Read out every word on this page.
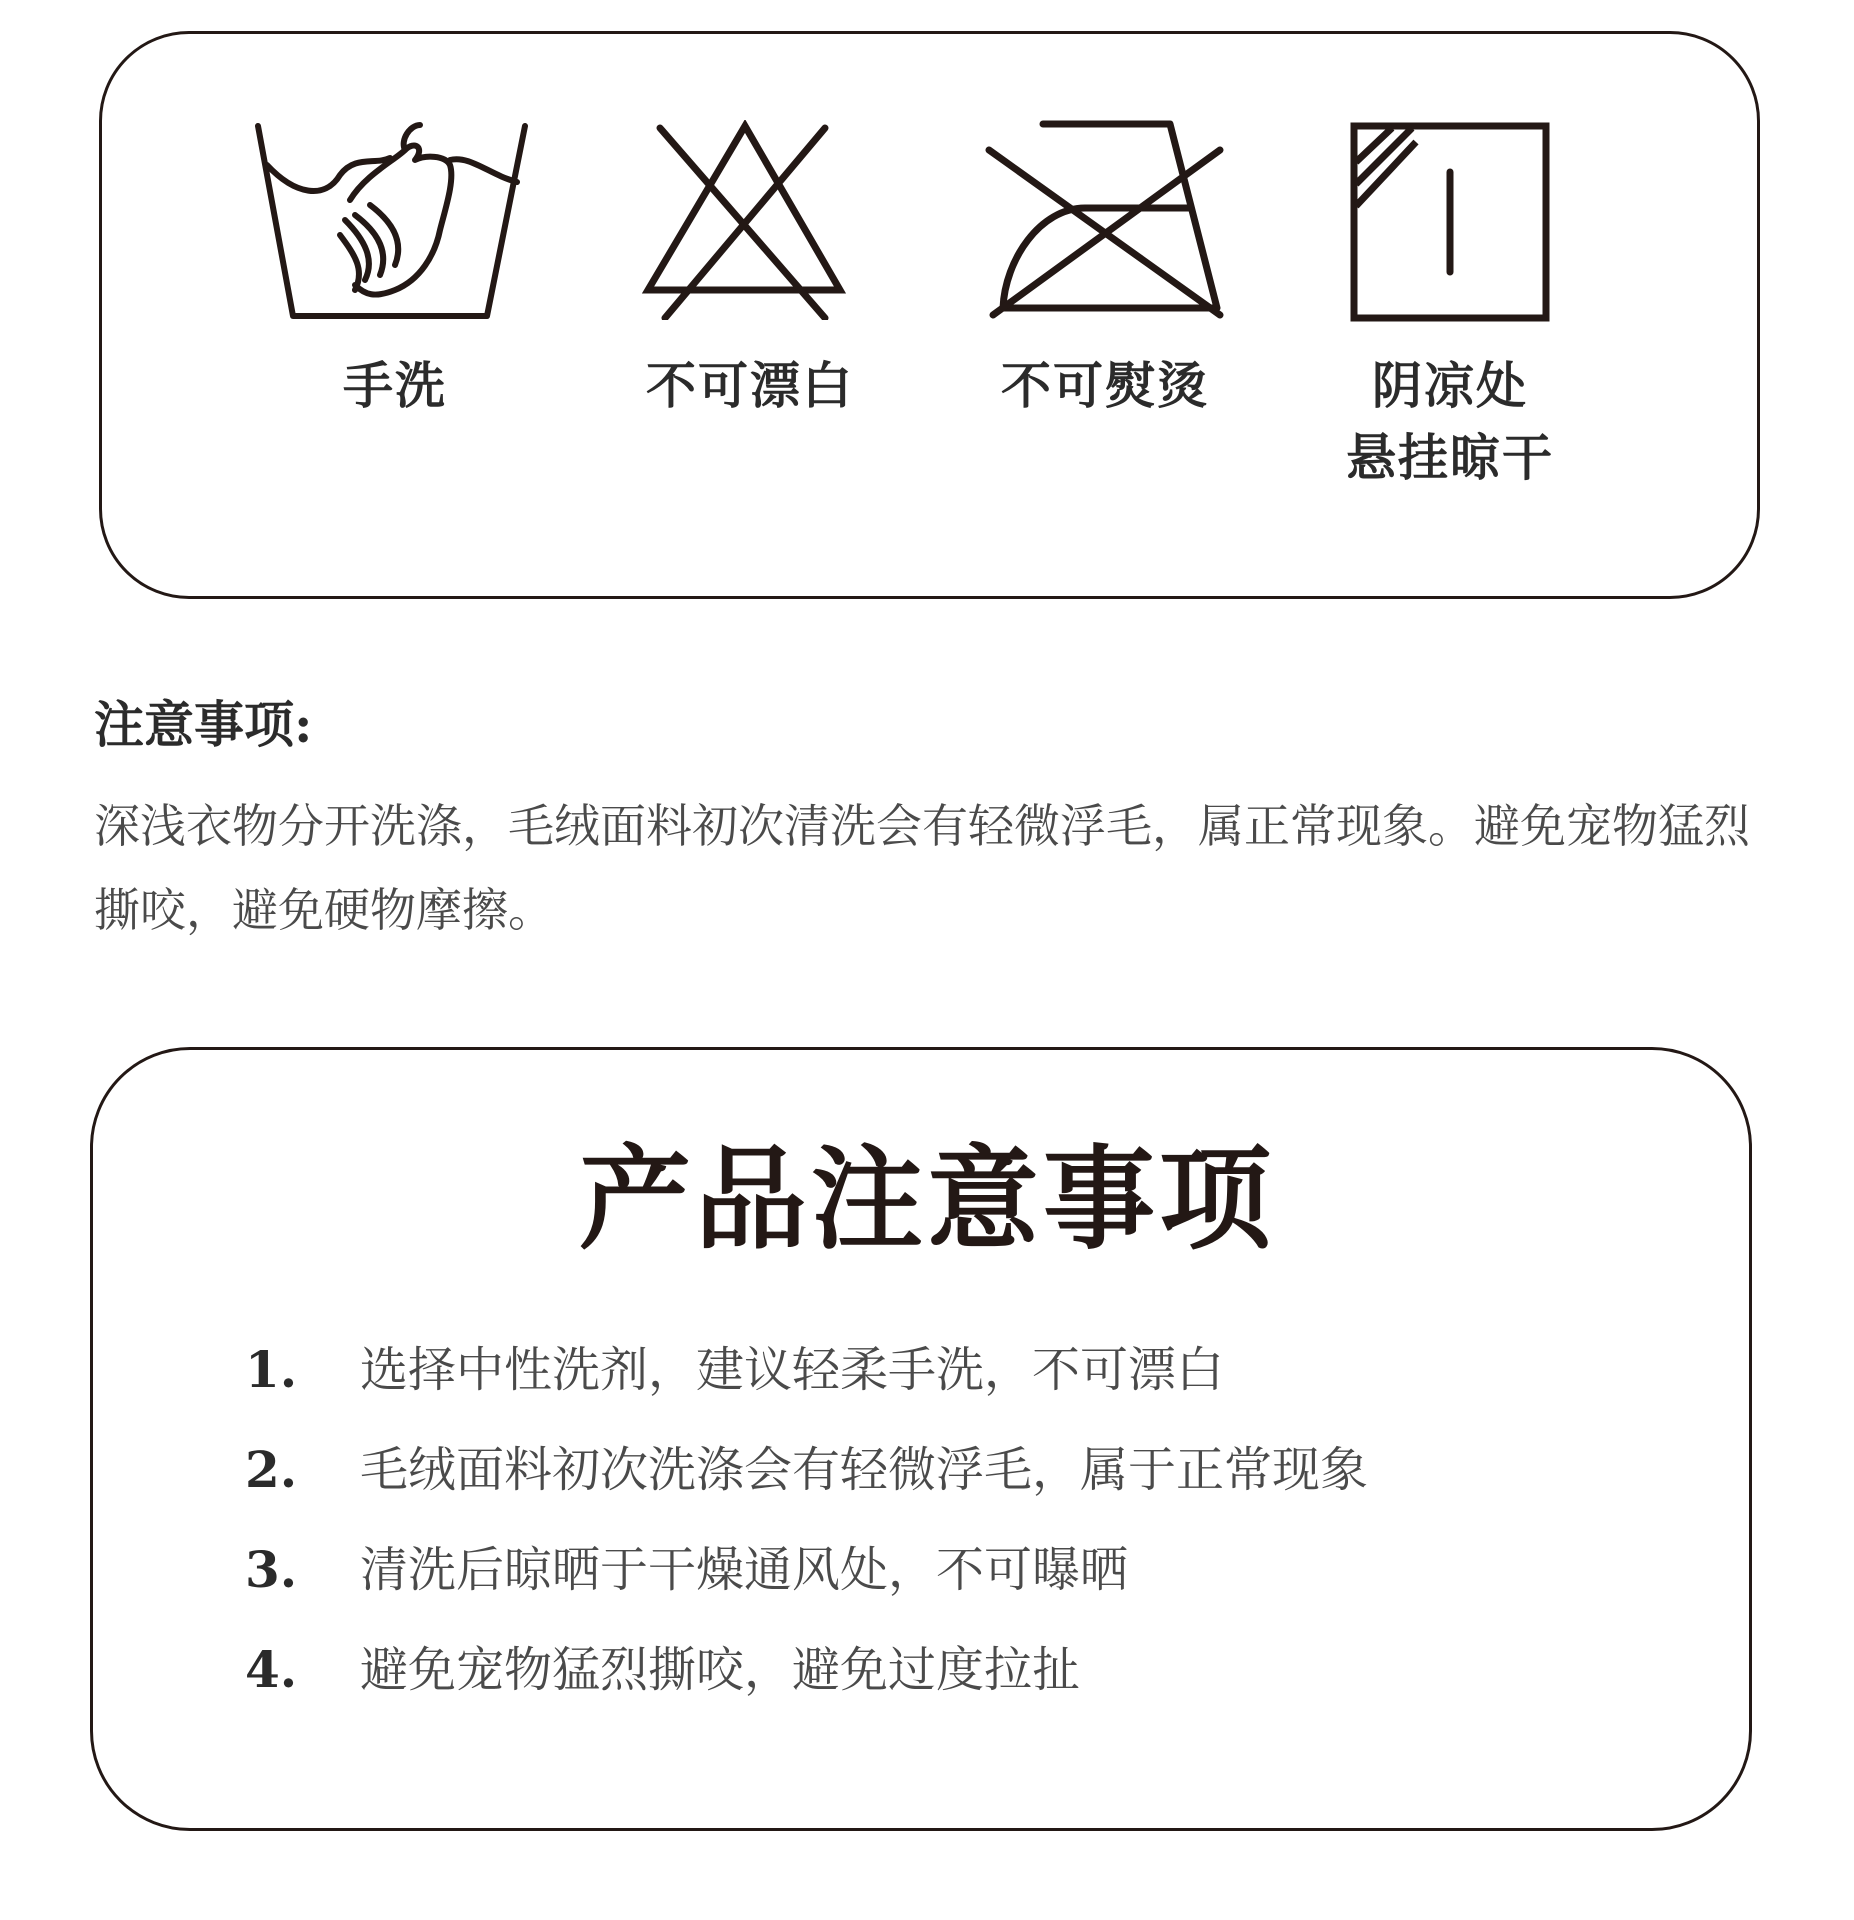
手洗	不可漂白	不可熨烫	阴凉处
悬挂晾干
注意事项:
深浅衣物分开洗涤，毛绒面料初次清洗会有轻微浮毛，属正常现象。避免宠物猛烈撕咬，避免硬物摩擦。
产品注意事项
1. 选择中性洗剂，建议轻柔手洗，不可漂白
2. 毛绒面料初次洗涤会有轻微浮毛，属于正常现象
3. 清洗后晾晒于干燥通风处，不可曝晒
4. 避免宠物猛烈撕咬，避免过度拉扯
